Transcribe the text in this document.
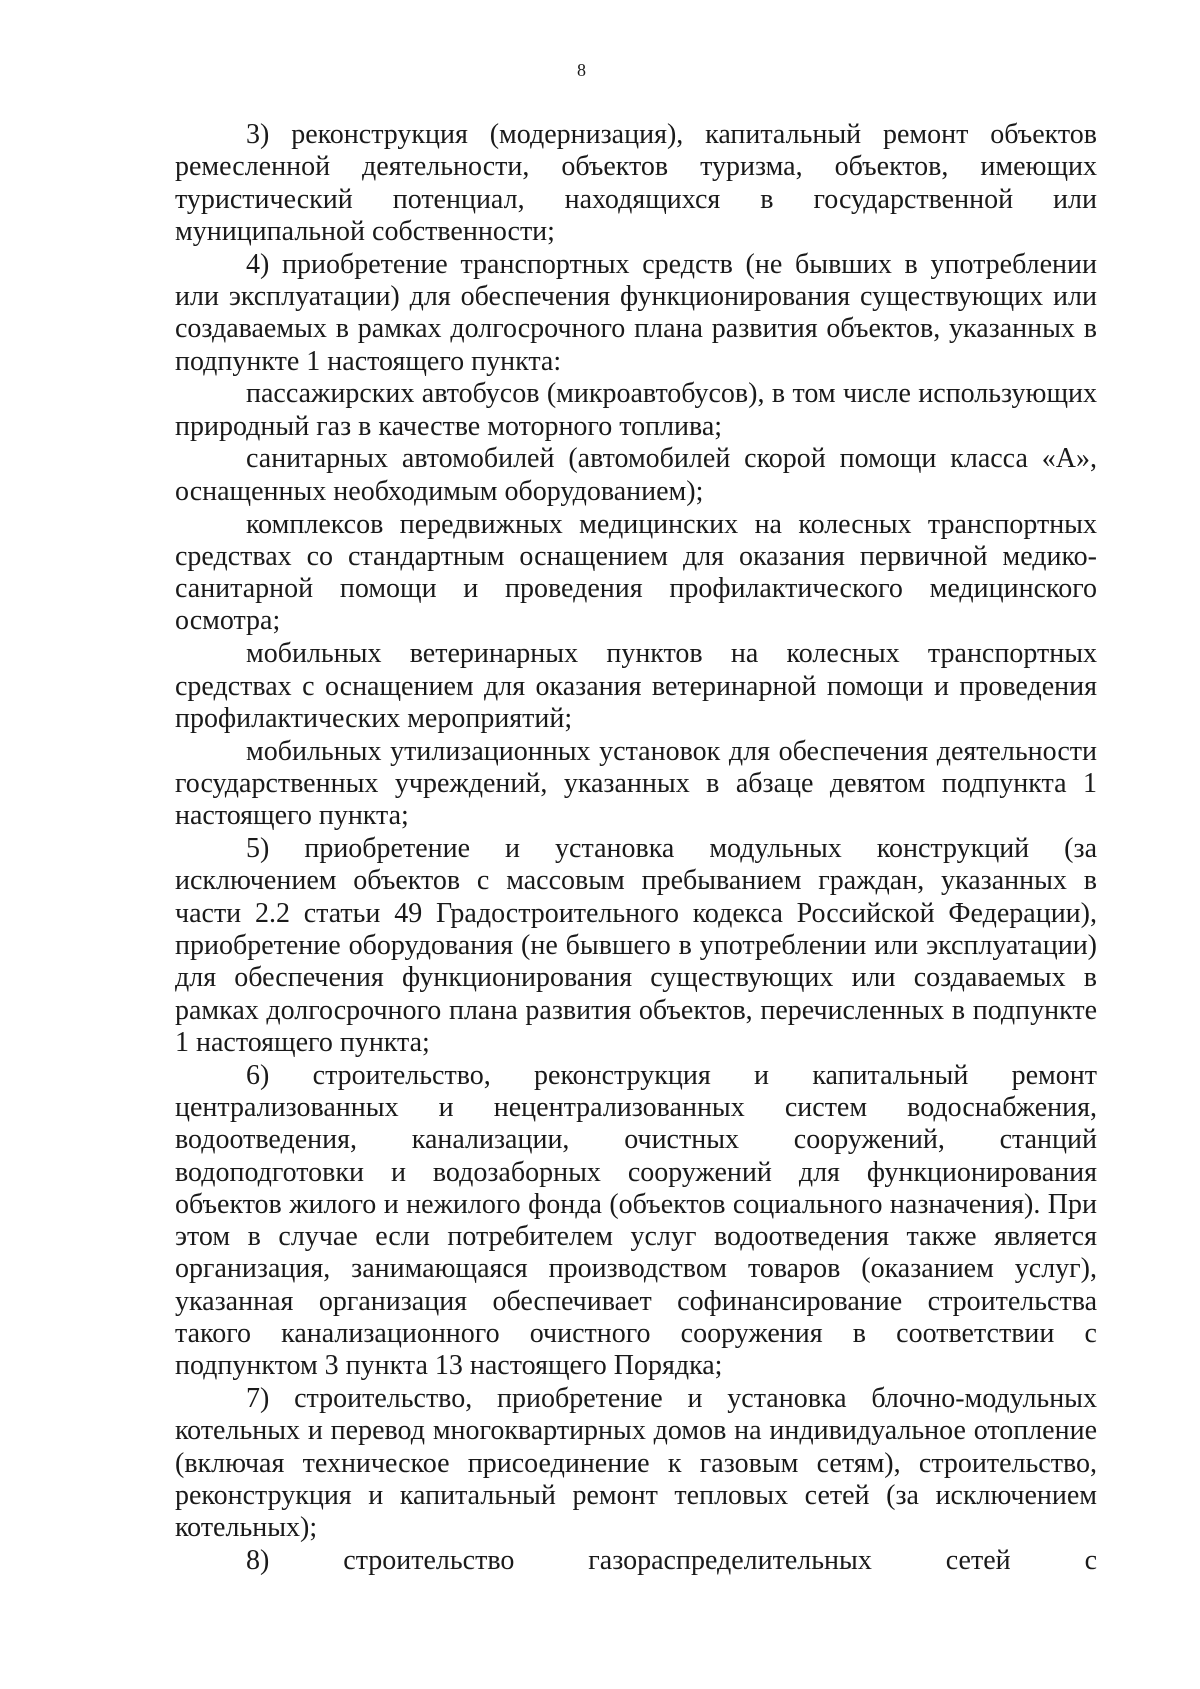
8

3) реконструкция (модернизация), капитальный ремонт объектов ремесленной деятельности, объектов туризма, объектов, имеющих туристический потенциал, находящихся в государственной или муниципальной собственности;

4) приобретение транспортных средств (не бывших в употреблении или эксплуатации) для обеспечения функционирования существующих или создаваемых в рамках долгосрочного плана развития объектов, указанных в подпункте 1 настоящего пункта:

пассажирских автобусов (микроавтобусов), в том числе использующих природный газ в качестве моторного топлива;

санитарных автомобилей (автомобилей скорой помощи класса «А», оснащенных необходимым оборудованием);

комплексов передвижных медицинских на колесных транспортных средствах со стандартным оснащением для оказания первичной медико-санитарной помощи и проведения профилактического медицинского осмотра;

мобильных ветеринарных пунктов на колесных транспортных средствах с оснащением для оказания ветеринарной помощи и проведения профилактических мероприятий;

мобильных утилизационных установок для обеспечения деятельности государственных учреждений, указанных в абзаце девятом подпункта 1 настоящего пункта;

5) приобретение и установка модульных конструкций (за исключением объектов с массовым пребыванием граждан, указанных в части 2.2 статьи 49 Градостроительного кодекса Российской Федерации), приобретение оборудования (не бывшего в употреблении или эксплуатации) для обеспечения функционирования существующих или создаваемых в рамках долгосрочного плана развития объектов, перечисленных в подпункте 1 настоящего пункта;

6) строительство, реконструкция и капитальный ремонт централизованных и нецентрализованных систем водоснабжения, водоотведения, канализации, очистных сооружений, станций водоподготовки и водозаборных сооружений для функционирования объектов жилого и нежилого фонда (объектов социального назначения). При этом в случае если потребителем услуг водоотведения также является организация, занимающаяся производством товаров (оказанием услуг), указанная организация обеспечивает софинансирование строительства такого канализационного очистного сооружения в соответствии с подпунктом 3 пункта 13 настоящего Порядка;

7) строительство, приобретение и установка блочно-модульных котельных и перевод многоквартирных домов на индивидуальное отопление (включая техническое присоединение к газовым сетям), строительство, реконструкция и капитальный ремонт тепловых сетей (за исключением котельных);

8) строительство газораспределительных сетей с
